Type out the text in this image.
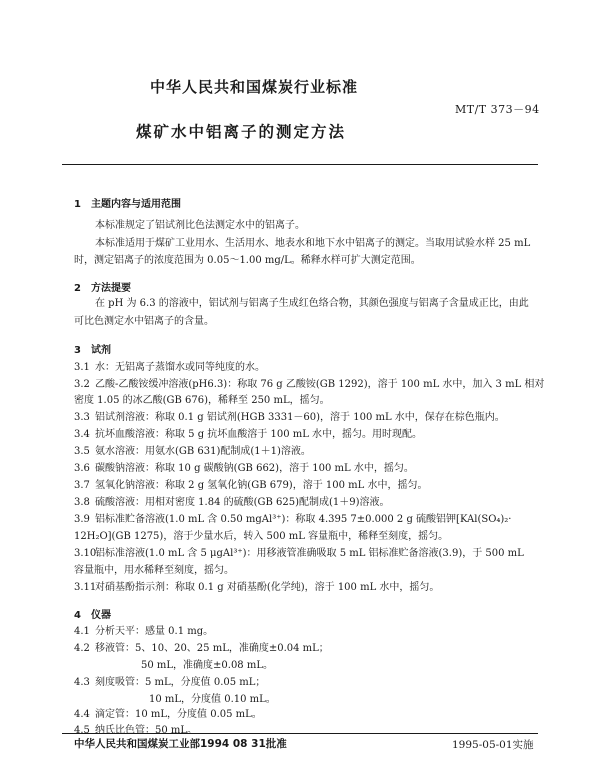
中华人民共和国煤炭行业标准
MT/T 373－94
煤矿水中铝离子的测定方法
1　主题内容与适用范围
本标准规定了铝试剂比色法测定水中的铝离子。
本标准适用于煤矿工业用水、生活用水、地表水和地下水中铝离子的测定。当取用试验水样 25 mL
时，测定铝离子的浓度范围为 0.05～1.00 mg/L。稀释水样可扩大测定范围。
2　方法提要
在 pH 为 6.3 的溶液中，铝试剂与铝离子生成红色络合物，其颜色强度与铝离子含量成正比，由此
可比色测定水中铝离子的含量。
3　试剂
3.1 水：无铝离子蒸馏水或同等纯度的水。
3.2 乙酸-乙酸铵缓冲溶液(pH6.3)：称取 76 g 乙酸铵(GB 1292)，溶于 100 mL 水中，加入 3 mL 相对
密度 1.05 的冰乙酸(GB 676)，稀释至 250 mL，摇匀。
3.3 铝试剂溶液：称取 0.1 g 铝试剂(HGB 3331－60)，溶于 100 mL 水中，保存在棕色瓶内。
3.4 抗坏血酸溶液：称取 5 g 抗坏血酸溶于 100 mL 水中，摇匀。用时现配。
3.5 氨水溶液：用氨水(GB 631)配制成(1＋1)溶液。
3.6 碳酸钠溶液：称取 10 g 碳酸钠(GB 662)，溶于 100 mL 水中，摇匀。
3.7 氢氧化钠溶液：称取 2 g 氢氧化钠(GB 679)，溶于 100 mL 水中，摇匀。
3.8 硫酸溶液：用相对密度 1.84 的硫酸(GB 625)配制成(1＋9)溶液。
3.9 铝标准贮备溶液(1.0 mL 含 0.50 mgAl³⁺)：称取 4.395 7±0.000 2 g 硫酸铝钾[KAl(SO₄)₂·
12H₂O](GB 1275)，溶于少量水后，转入 500 mL 容量瓶中，稀释至刻度，摇匀。
3.10
铝标准溶液(1.0 mL 含 5 μgAl³⁺)：用移液管准确吸取 5 mL 铝标准贮备溶液(3.9)，于 500 mL
容量瓶中，用水稀释至刻度，摇匀。
3.11
对硝基酚指示剂：称取 0.1 g 对硝基酚(化学纯)，溶于 100 mL 水中，摇匀。
4　仪器
4.1 分析天平：感量 0.1 mg。
4.2 移液管：5、10、20、25 mL，准确度±0.04 mL；
50 mL，准确度±0.08 mL。
4.3 刻度吸管：5 mL，分度值 0.05 mL；
10 mL，分度值 0.10 mL。
4.4 滴定管：10 mL，分度值 0.05 mL。
4.5 纳氏比色管：50 mL。
中华人民共和国煤炭工业部1994 08 31批准	1995-05-01实施
